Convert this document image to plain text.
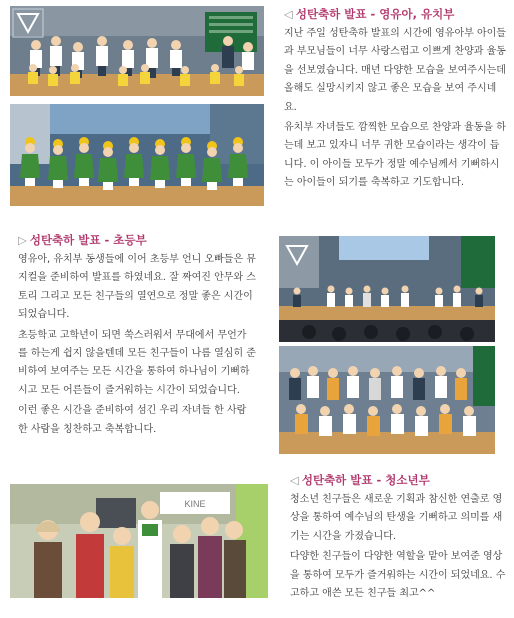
◁ 성탄축하 발표 - 영유아, 유치부

지난 주일 성탄축하 발표의 시간에 영유아부 아이들과 부모님들이 너무 사랑스럽고 이쁘게 찬양과 율동을 선보였습니다. 매년 다양한 모습을 보여주시는데 올해도 실망시키지 않고 좋은 모습을 보여 주시네요.

유치부 자녀들도 깜찍한 모습으로 찬양과 율동을 하는데 보고 있자니 너무 귀한 모습이라는 생각이 듭니다. 이 아이들 모두가 정말 예수님께서 기뻐하시는 아이들이 되기를 축복하고 기도합니다.

▷ 성탄축하 발표 - 초등부

영유아, 유치부 동생들에 이어 초등부 언니 오빠들은 뮤지컬을 준비하여 발표를 하였네요. 잘 짜여진 안무와 스토리 그리고 모든 친구들의 열연으로 정말 좋은 시간이 되었습니다.

초등학교 고학년이 되면 쑥스러워서 무대에서 무언가를 하는게 쉽지 않을텐데 모든 친구들이 나름 열심히 준비하여 보여주는 모든 시간을 통하여 하나님이 기뻐하시고 모든 어른들이 즐거워하는 시간이 되었습니다.

이런 좋은 시간을 준비하여 섬긴 우리 자녀들 한 사람 한 사람을 칭찬하고 축복합니다.

KINE
◁ 성탄축하 발표 - 청소년부

청소년 친구들은 새로운 기획과 참신한 연출로 영상을 통하여 예수님의 탄생을 기뻐하고 의미를 새기는 시간을 가졌습니다.

다양한 친구들이 다양한 역할을 맡아 보여준 영상을 통하여 모두가 즐거워하는 시간이 되었네요. 수고하고 애쓴 모든 친구들 최고^^
